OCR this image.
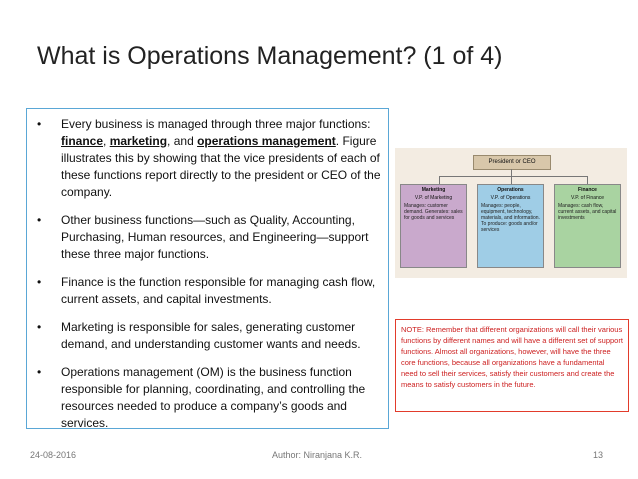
What is Operations Management? (1 of 4)
•	Every business is managed through three major functions: finance, marketing, and operations management. Figure illustrates this by showing that the vice presidents of each of these functions report directly to the president or CEO of the company.
•	Other business functions—such as Quality, Accounting, Purchasing, Human resources, and Engineering—support these three major functions.
•	Finance is the function responsible for managing cash flow, current assets, and capital investments.
•	Marketing is responsible for sales, generating customer demand, and understanding customer wants and needs.
•	Operations management (OM) is the business function responsible for planning, coordinating, and controlling the resources needed to produce a company’s goods and services.
President or CEO
Marketing
V.P. of Marketing
Manages: customer demand. Generates: sales for goods and services
Operations
V.P. of Operations
Manages: people, equipment, technology, materials, and information. To produce: goods and/or services
Finance
V.P. of Finance
Manages: cash flow, current assets, and capital investments
NOTE: Remember that different organizations will call their various functions by different names and will have a different set of support functions. Almost all organizations, however, will have the three core functions, because all organizations have a fundamental need to sell their services, satisfy their customers and create the means to satisfy customers in the future.
24-08-2016	Author: Niranjana K.R.	13
